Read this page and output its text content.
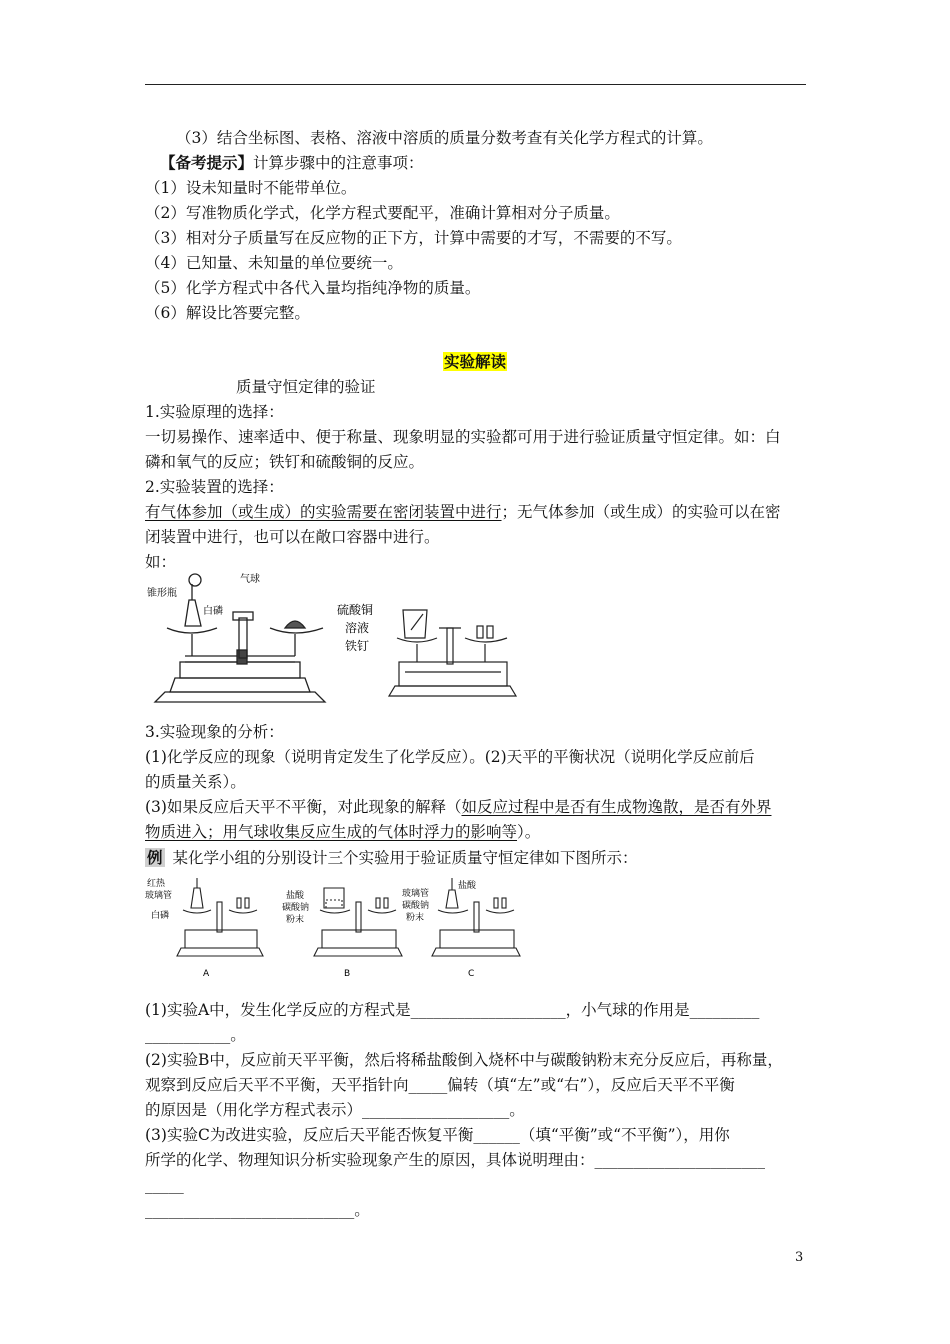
（3）结合坐标图、表格、溶液中溶质的质量分数考查有关化学方程式的计算。
【备考提示】计算步骤中的注意事项：
（1）设未知量时不能带单位。
（2）写准物质化学式，化学方程式要配平，准确计算相对分子质量。
（3）相对分子质量写在反应物的正下方，计算中需要的才写，不需要的不写。
（4）已知量、未知量的单位要统一。
（5）化学方程式中各代入量均指纯净物的质量。
（6）解设比答要完整。
实验解读
质量守恒定律的验证
1.实验原理的选择：
一切易操作、速率适中、便于称量、现象明显的实验都可用于进行验证质量守恒定律。如：白
磷和氧气的反应；铁钉和硫酸铜的反应。
2.实验装置的选择：
有气体参加（或生成）的实验需要在密闭装置中进行；无气体参加（或生成）的实验可以在密
闭装置中进行，也可以在敞口容器中进行。
如：
锥形瓶
气球
白磷	硫酸铜
溶液
铁钉
3.实验现象的分析：
(1)化学反应的现象（说明肯定发生了化学反应）。(2)天平的平衡状况（说明化学反应前后
的质量关系）。
(3)如果反应后天平不平衡，对此现象的解释（如反应过程中是否有生成物逸散，是否有外界
物质进入；用气球收集反应生成的气体时浮力的影响等）。
例 某化学小组的分别设计三个实验用于验证质量守恒定律如下图所示：
红热
玻璃管
白磷
A
盐酸
碳酸钠
粉末
B
玻璃管
盐酸
碳酸钠
粉末
C
(1)实验A中，发生化学反应的方程式是____________________，小气球的作用是_________
___________。
(2)实验B中，反应前天平平衡，然后将稀盐酸倒入烧杯中与碳酸钠粉末充分反应后，再称量，
观察到反应后天平不平衡，天平指针向_____偏转（填“左”或“右”），反应后天平不平衡
的原因是（用化学方程式表示）___________________。
(3)实验C为改进实验，反应后天平能否恢复平衡______（填“平衡”或“不平衡”），用你
所学的化学、物理知识分析实验现象产生的原因，具体说明理由：______________________
_____
___________________________。
3
